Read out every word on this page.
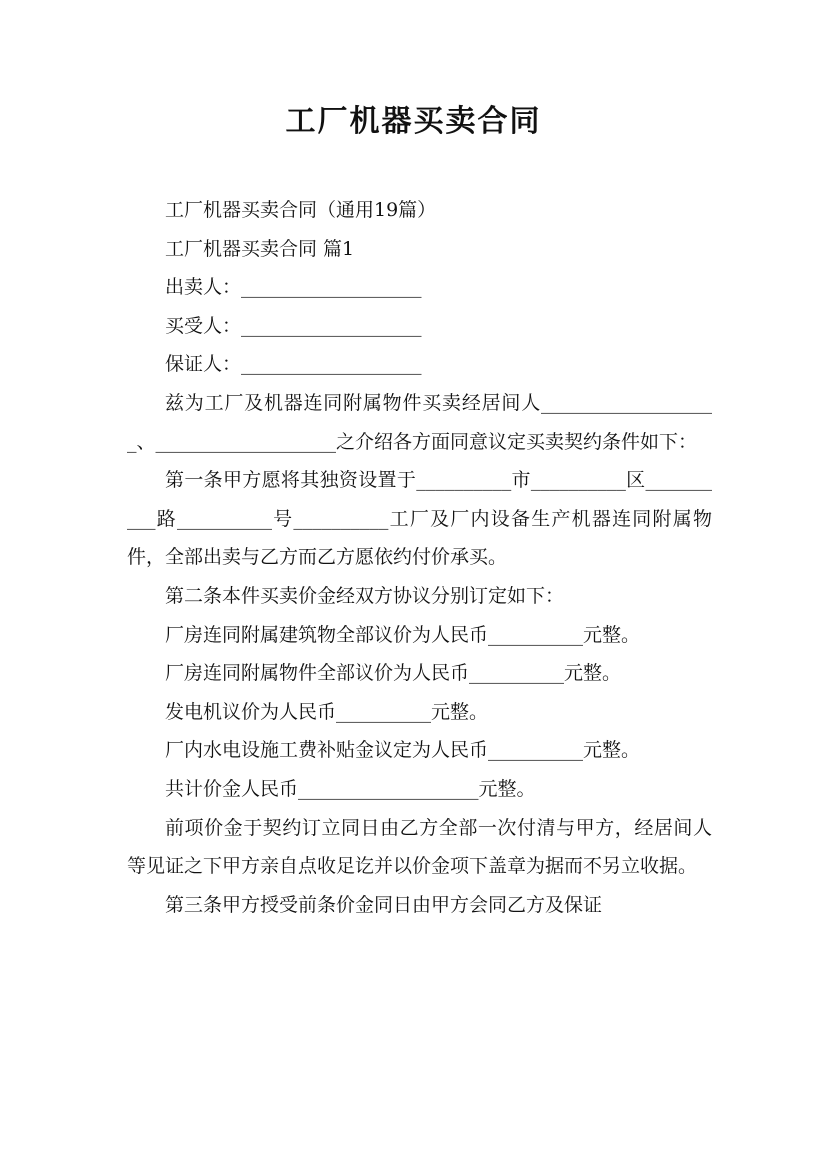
工厂机器买卖合同

工厂机器买卖合同（通用19篇）

工厂机器买卖合同 篇1

出卖人：___________________

买受人：___________________

保证人：___________________

兹为工厂及机器连同附属物件买卖经居间人___________________、___________________之介绍各方面同意议定买卖契约条件如下：

第一条甲方愿将其独资设置于__________市__________区__________路__________号__________工厂及厂内设备生产机器连同附属物件，全部出卖与乙方而乙方愿依约付价承买。

第二条本件买卖价金经双方协议分别订定如下：

厂房连同附属建筑物全部议价为人民币__________元整。

厂房连同附属物件全部议价为人民币__________元整。

发电机议价为人民币__________元整。

厂内水电设施工费补贴金议定为人民币__________元整。

共计价金人民币___________________元整。

前项价金于契约订立同日由乙方全部一次付清与甲方，经居间人等见证之下甲方亲自点收足讫并以价金项下盖章为据而不另立收据。

第三条甲方授受前条价金同日由甲方会同乙方及保证
